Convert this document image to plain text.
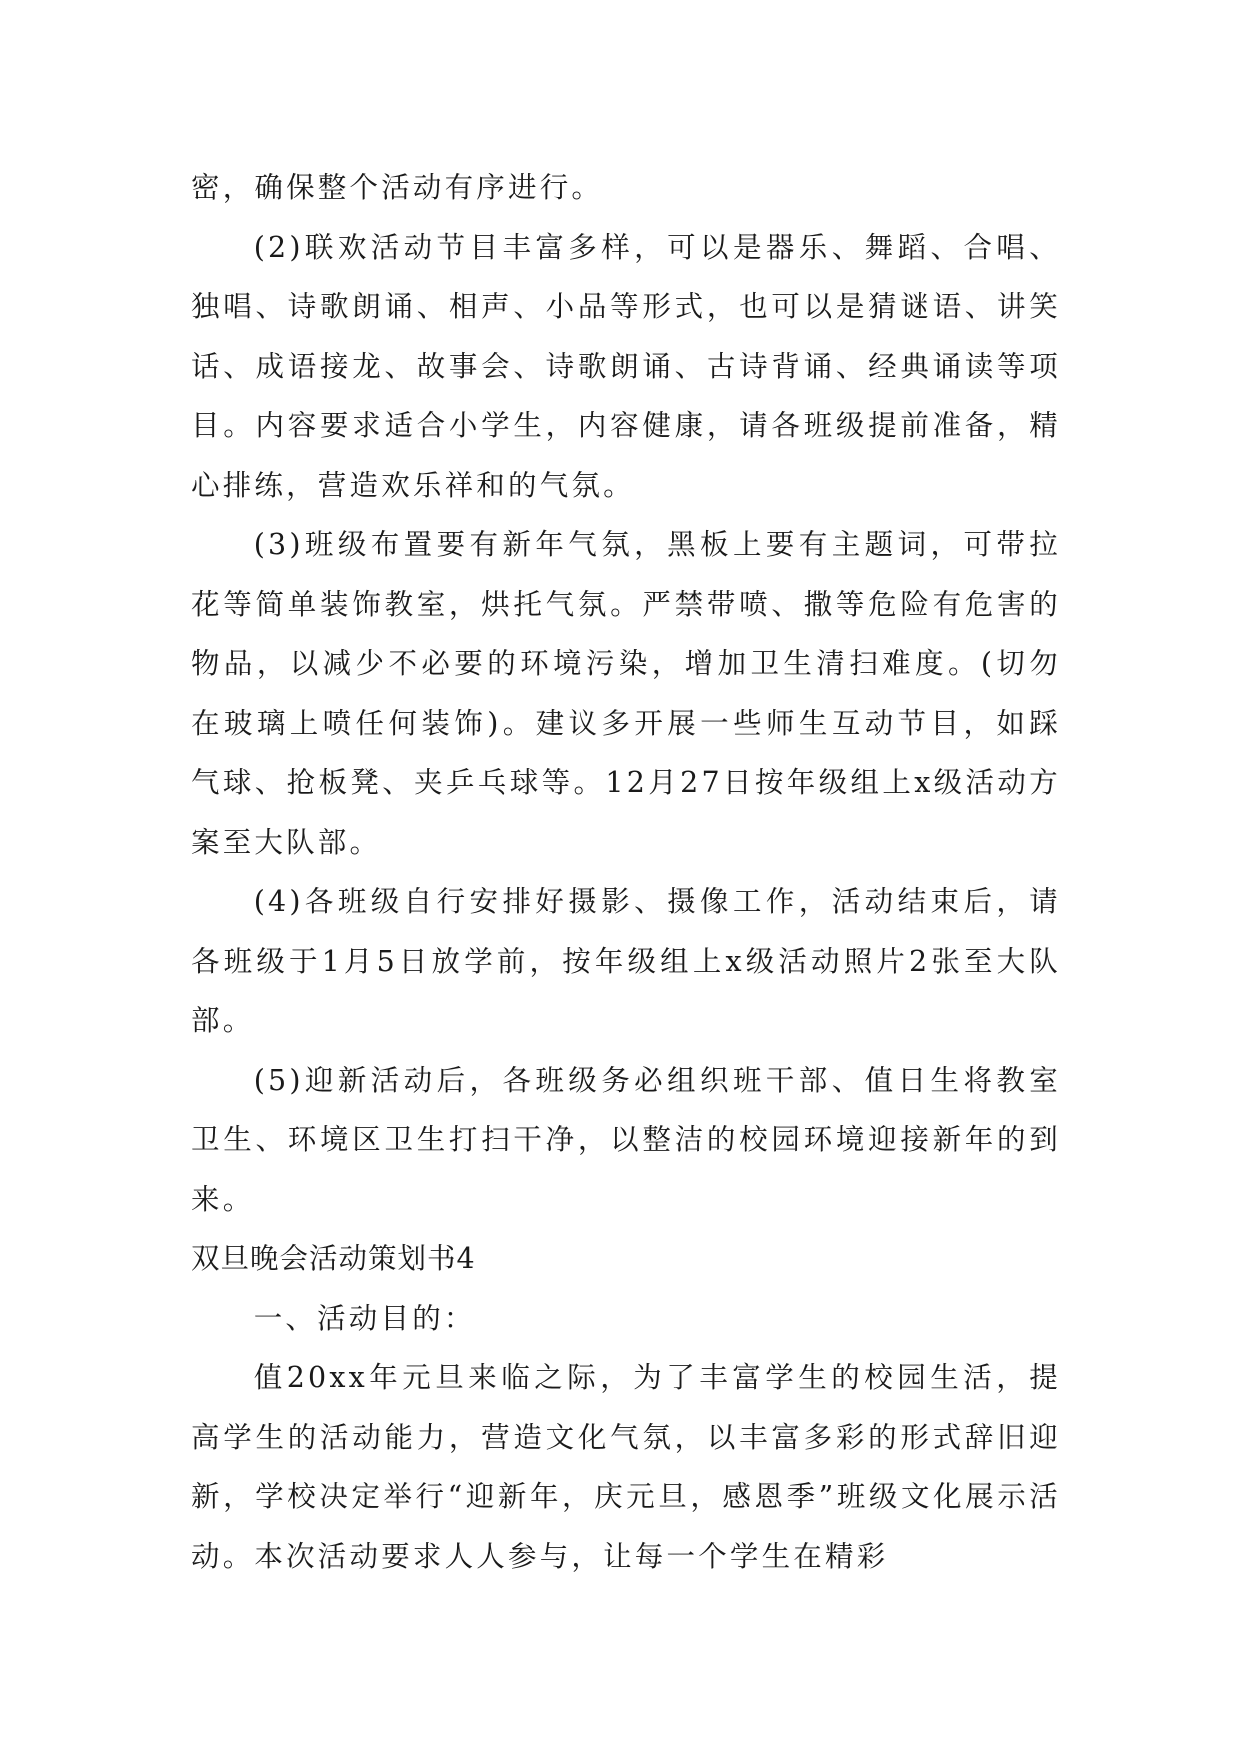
密，确保整个活动有序进行。

(2)联欢活动节目丰富多样，可以是器乐、舞蹈、合唱、独唱、诗歌朗诵、相声、小品等形式，也可以是猜谜语、讲笑话、成语接龙、故事会、诗歌朗诵、古诗背诵、经典诵读等项目。内容要求适合小学生，内容健康，请各班级提前准备，精心排练，营造欢乐祥和的气氛。

(3)班级布置要有新年气氛，黑板上要有主题词，可带拉花等简单装饰教室，烘托气氛。严禁带喷、撒等危险有危害的物品，以减少不必要的环境污染，增加卫生清扫难度。(切勿在玻璃上喷任何装饰)。建议多开展一些师生互动节目，如踩气球、抢板凳、夹乒乓球等。12月27日按年级组上x级活动方案至大队部。

(4)各班级自行安排好摄影、摄像工作，活动结束后，请各班级于1月5日放学前，按年级组上x级活动照片2张至大队部。

(5)迎新活动后，各班级务必组织班干部、值日生将教室卫生、环境区卫生打扫干净，以整洁的校园环境迎接新年的到来。

双旦晚会活动策划书4

一、活动目的：

值20xx年元旦来临之际，为了丰富学生的校园生活，提高学生的活动能力，营造文化气氛，以丰富多彩的形式辞旧迎新，学校决定举行“迎新年，庆元旦，感恩季”班级文化展示活动。本次活动要求人人参与，让每一个学生在精彩
